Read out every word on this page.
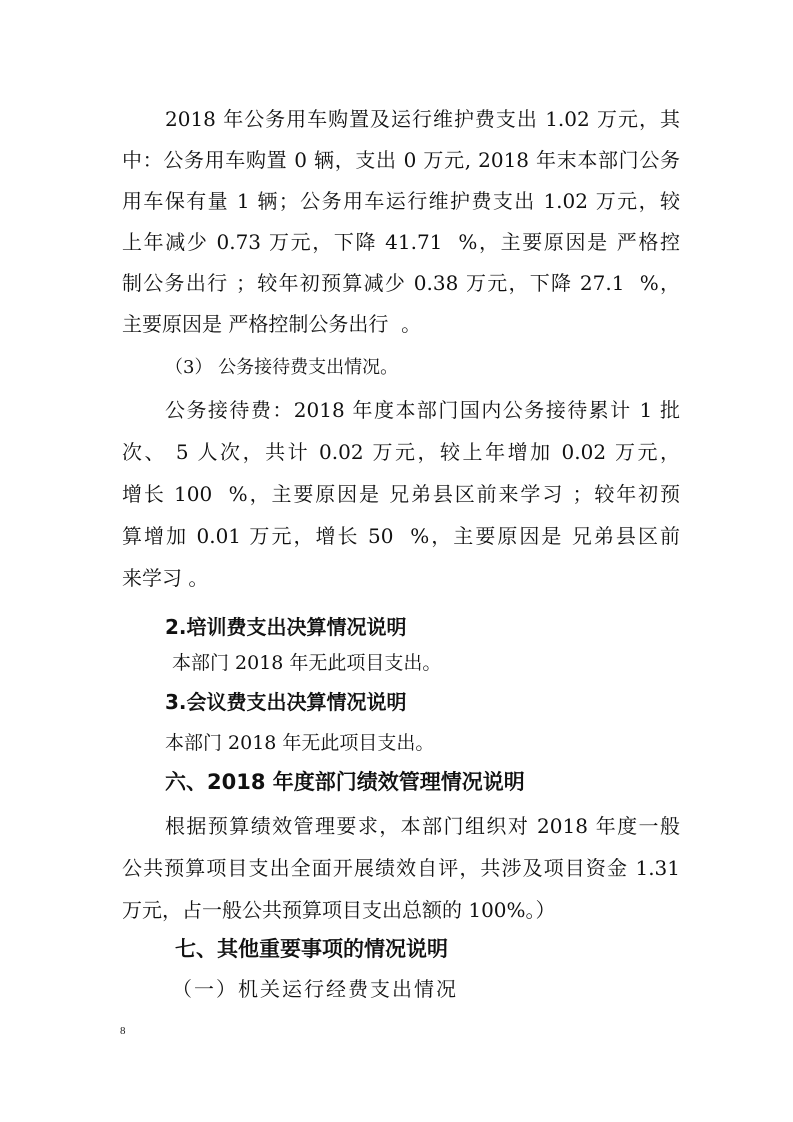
2018 年公务用车购置及运行维护费支出 1.02 万元，其
中：公务用车购置 0 辆，支出 0 万元, 2018 年末本部门公务
用车保有量 1 辆；公务用车运行维护费支出 1.02 万元，较
上年减少 0.73 万元，下降 41.71  %，主要原因是 严格控
制公务出行 ；较年初预算减少 0.38 万元，下降 27.1  %，
主要原因是 严格控制公务出行  。
（3） 公务接待费支出情况。
公务接待费：2018 年度本部门国内公务接待累计 1 批
次、 5 人次，共计 0.02 万元，较上年增加 0.02 万元，
增长 100  %，主要原因是 兄弟县区前来学习 ；较年初预
算增加 0.01 万元，增长 50  %，主要原因是 兄弟县区前
来学习 。
2.培训费支出决算情况说明
本部门 2018 年无此项目支出。
3.会议费支出决算情况说明
本部门 2018 年无此项目支出。
六、2018 年度部门绩效管理情况说明
根据预算绩效管理要求，本部门组织对 2018 年度一般
公共预算项目支出全面开展绩效自评，共涉及项目资金 1.31
万元，占一般公共预算项目支出总额的 100%。）
七、其他重要事项的情况说明
（一）机关运行经费支出情况
8
